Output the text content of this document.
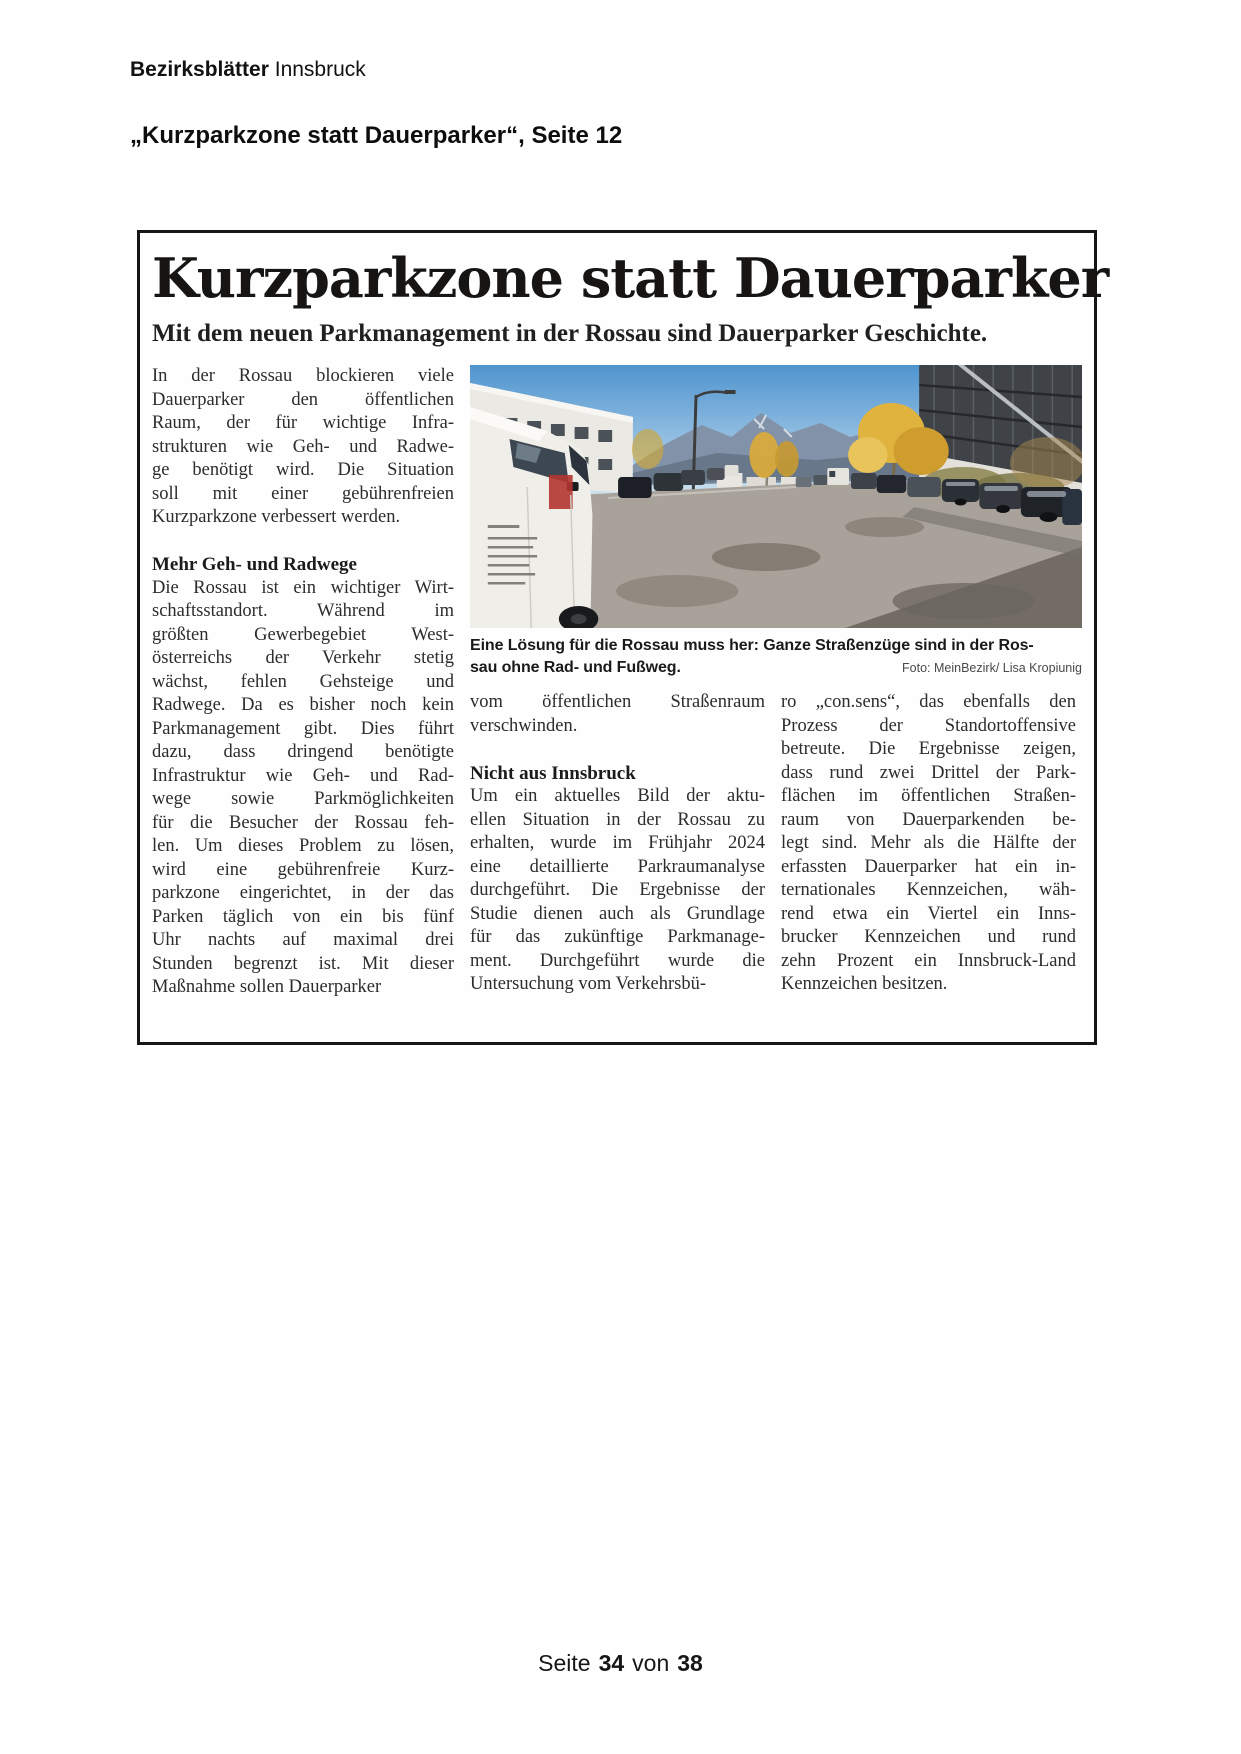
Bezirksblätter Innsbruck
„Kurzparkzone statt Dauerparker“, Seite 12
Kurzparkzone statt Dauerparker
Mit dem neuen Parkmanagement in der Rossau sind Dauerparker Geschichte.
In der Rossau blockieren viele
Dauerparker den öffentlichen
Raum, der für wichtige Infra-
strukturen wie Geh- und Radwe-
ge benötigt wird. Die Situation
soll mit einer gebührenfreien
Kurzparkzone verbessert werden.
Mehr Geh- und Radwege
Die Rossau ist ein wichtiger Wirt-
schaftsstandort. Während im
größten Gewerbegebiet West-
österreichs der Verkehr stetig
wächst, fehlen Gehsteige und
Radwege. Da es bisher noch kein
Parkmanagement gibt. Dies führt
dazu, dass dringend benötigte
Infrastruktur wie Geh- und Rad-
wege sowie Parkmöglichkeiten
für die Besucher der Rossau feh-
len. Um dieses Problem zu lösen,
wird eine gebührenfreie Kurz-
parkzone eingerichtet, in der das
Parken täglich von ein bis fünf
Uhr nachts auf maximal drei
Stunden begrenzt ist. Mit dieser
Maßnahme sollen Dauerparker
Eine Lösung für die Rossau muss her: Ganze Straßenzüge sind in der Ros-
sau ohne Rad- und Fußweg.	Foto: MeinBezirk/ Lisa Kropiunig
vom öffentlichen Straßenraum
verschwinden.
Nicht aus Innsbruck
Um ein aktuelles Bild der aktu-
ellen Situation in der Rossau zu
erhalten, wurde im Frühjahr 2024
eine detaillierte Parkraumanalyse
durchgeführt. Die Ergebnisse der
Studie dienen auch als Grundlage
für das zukünftige Parkmanage-
ment. Durchgeführt wurde die
Untersuchung vom Verkehrsbü-
ro „con.sens“, das ebenfalls den
Prozess der Standortoffensive
betreute. Die Ergebnisse zeigen,
dass rund zwei Drittel der Park-
flächen im öffentlichen Straßen-
raum von Dauerparkenden be-
legt sind. Mehr als die Hälfte der
erfassten Dauerparker hat ein in-
ternationales Kennzeichen, wäh-
rend etwa ein Viertel ein Inns-
brucker Kennzeichen und rund
zehn Prozent ein Innsbruck-Land
Kennzeichen besitzen.
Seite 34 von 38
